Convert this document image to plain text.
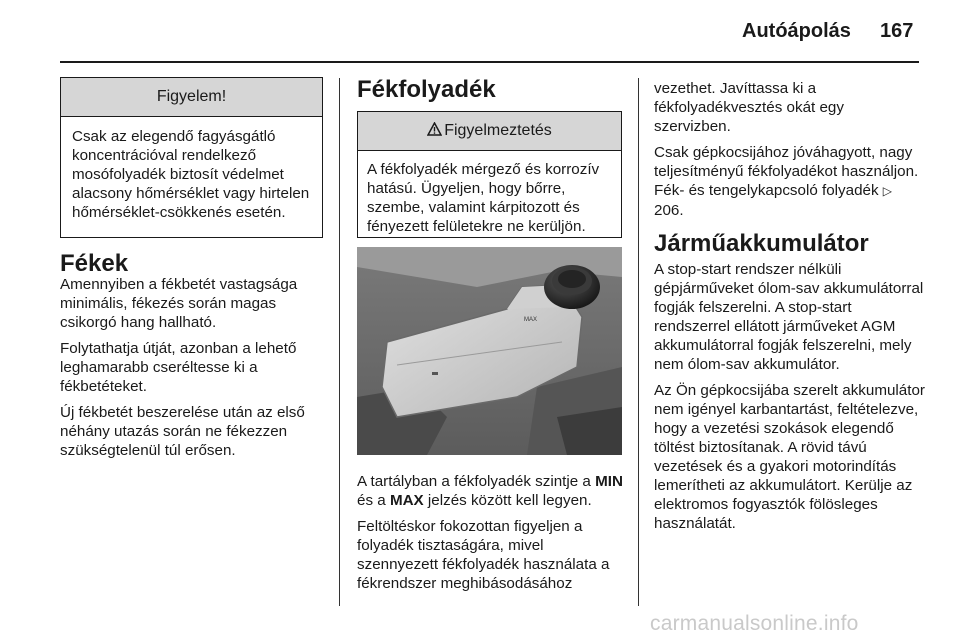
Autóápolás 167
Figyelem!
Csak az elegendő fagyásgátló koncentrációval rendelkező mosófolyadék biztosít védelmet alacsony hőmérséklet vagy hirtelen hőmérséklet-csökkenés esetén.
Fékek

Amennyiben a fékbetét vastagsága minimális, fékezés során magas csikorgó hang hallható.

Folytathatja útját, azonban a lehető leghamarabb cseréltesse ki a fékbetéteket.

Új fékbetét beszerelése után az első néhány utazás során ne fékezzen szükségtelenül túl erősen.

Fékfolyadék
Figyelmeztetés
A fékfolyadék mérgező és korrozív hatású. Ügyeljen, hogy bőrre, szembe, valamint kárpitozott és fényezett felületekre ne kerüljön.
MAX

A tartályban a fékfolyadék szintje a MIN és a MAX jelzés között kell legyen.

Feltöltéskor fokozottan figyeljen a folyadék tisztaságára, mivel szennyezett fékfolyadék használata a fékrendszer meghibásodásához

vezethet. Javíttassa ki a fékfolyadékvesztés okát egy szervizben.

Csak gépkocsijához jóváhagyott, nagy teljesítményű fékfolyadékot használjon. Fék- és tengelykapcsoló folyadék ▷ 206.

Járműakkumulátor

A stop-start rendszer nélküli gépjárműveket ólom-sav akkumulátorral fogják felszerelni. A stop-start rendszerrel ellátott járműveket AGM akkumulátorral fogják felszerelni, mely nem ólom-sav akkumulátor.

Az Ön gépkocsijába szerelt akkumulátor nem igényel karbantartást, feltételezve, hogy a vezetési szokások elegendő töltést biztosítanak. A rövid távú vezetések és a gyakori motorindítás lemerítheti az akkumulátort. Kerülje az elektromos fogyasztók fölösleges használatát.

carmanualsonline.info
